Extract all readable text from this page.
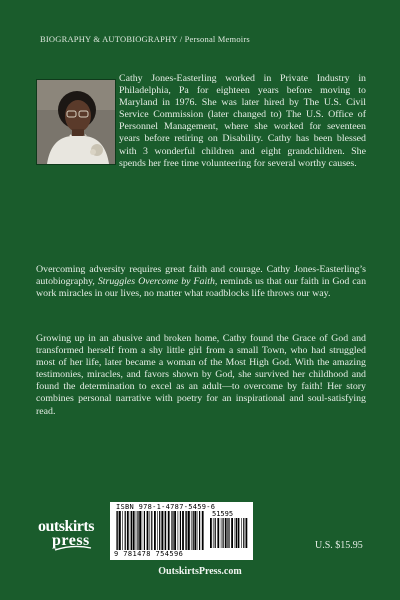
BIOGRAPHY & AUTOBIOGRAPHY / Personal Memoirs
Cathy Jones-Easterling worked in Private Industry in Philadelphia, Pa for eighteen years before moving to Maryland in 1976. She was later hired by The U.S. Civil Service Commission (later changed to) The U.S. Office of Personnel Management, where she worked for seventeen years before retiring on Disability. Cathy has been blessed with 3 wonderful children and eight grandchildren. She spends her free time volunteering for several worthy causes.
Overcoming adversity requires great faith and courage. Cathy Jones-Easterling’s autobiography, Struggles Overcome by Faith, reminds us that our faith in God can work miracles in our lives, no matter what roadblocks life throws our way.
Growing up in an abusive and broken home, Cathy found the Grace of God and transformed herself from a shy little girl from a small Town, who had struggled most of her life, later became a woman of the Most High God. With the amazing testimonies, miracles, and favors shown by God, she survived her childhood and found the determination to excel as an adult—to overcome by faith! Her story combines personal narrative with poetry for an inspirational and soul-satisfying read.
outskirts
press
ISBN 978-1-4787-5459-6
51595
9 781478 754596
U.S. $15.95
OutskirtsPress.com
